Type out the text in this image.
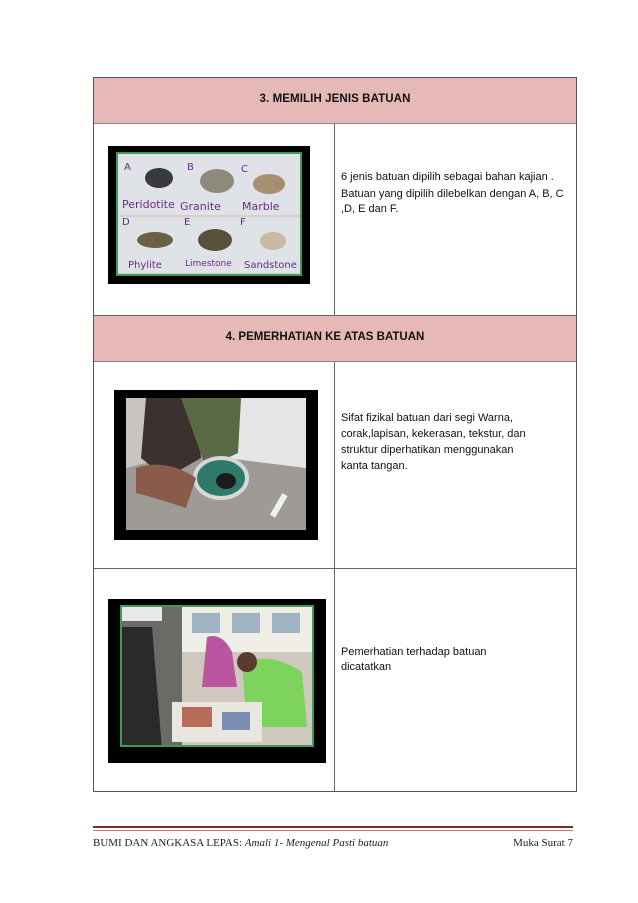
3. MEMILIH JENIS BATUAN
A	B	C
D	E	F
Peridotite Granite Marble
Phylite	Limestone Sandstone
6 jenis batuan dipilih sebagai bahan kajian .
Batuan yang dipilih dilebelkan dengan A, B, C ,D, E dan F.
4. PEMERHATIAN KE ATAS BATUAN
Sifat fizikal batuan dari segi Warna, corak,lapisan, kekerasan, tekstur, dan struktur diperhatikan menggunakan kanta tangan.
Pemerhatian terhadap batuan dicatatkan
BUMI DAN ANGKASA LEPAS: Amali 1- Mengenal Pasti batuan	Muka Surat 7
